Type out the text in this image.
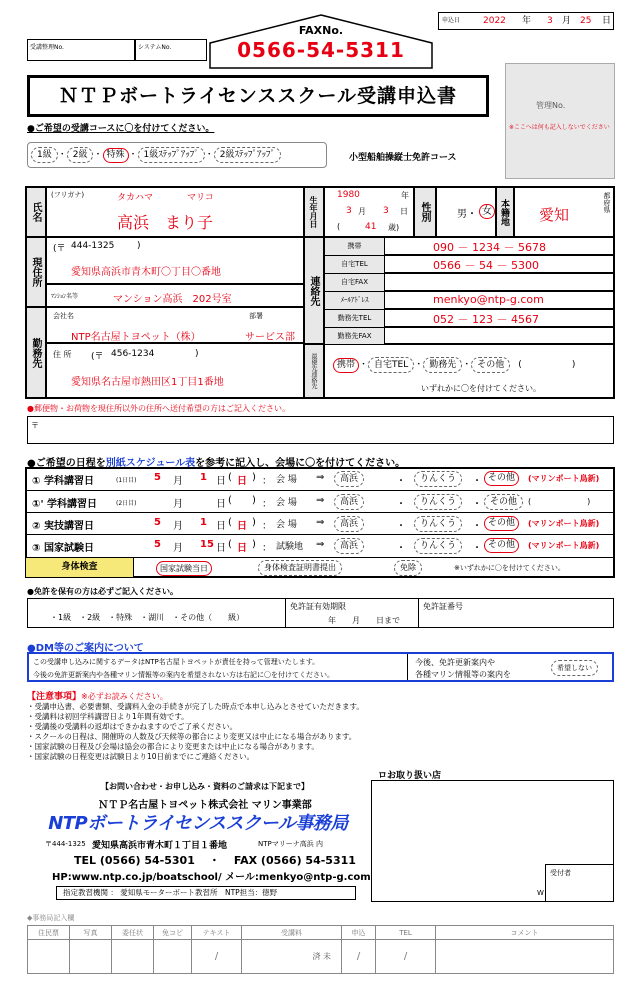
受講整理No.	システムNo.
FAXNo.
0566-54-5311
申込日	2022 年 3 月 25 日
ＮＴＰボートライセンススクール受講申込書	管理No.
※ここへは何も記入しないでください
●ご希望の受講コースに〇を付けてください。
1級 ・ 2級 ・ 特殊 ・ 1級ｽﾃｯﾌﾟｱｯﾌﾟ ・ 2級ｽﾃｯﾌﾟｱｯﾌﾟ	小型船舶操縦士免許コース
氏名
(フリガナ)	タカハマ	マリコ
高浜　まり子	生年月日
1980	年
3 月 3 日
(	41 歳)
性別	男・ 女 本籍地	愛知
都府県
現住所
(〒 444-1325	)
愛知県高浜市青木町〇丁目〇番地
ﾏﾝｼｮﾝ名等	マンション高浜　202号室
勤務先
会社名	部署
NTP名古屋トヨペット（株）	サービス部
住 所 (〒 456-1234	)
愛知県名古屋市熱田区1丁目1番地
連絡先
携帯	090 － 1234 － 5678
自宅TEL	0566 － 54 － 5300
自宅FAX
ﾒｰﾙｱﾄﾞﾚｽ	menkyo@ntp-g.com
勤務先TEL	052 － 123 － 4567
勤務先FAX
最優先連絡先	携帯 ・ 自宅TEL ・ 勤務先 ・ その他 (	)
いずれかに〇を付けてください。
●郵便物・お荷物を現住所以外の住所へ送付希望の方はご記入ください。
〒
●ご希望の日程を別紙スケジュール表を参考に記入し、会場に〇を付けてください。
① 学科講習日	(1日目) 5 月 1 日 ( 日 ) ： 会 場 ⇒	高浜	・	りんくう	・ その他	(マリンポート鳥新)
①' 学科講習日	(2日目)	月	日 ( ) ： 会 場 ⇒	高浜	・	りんくう	・ その他	(　　　　　　　)
② 実技講習日	5 月 1 日 ( 日 ) ： 会 場 ⇒	高浜	・	りんくう	・ その他	(マリンポート鳥新)
③ 国家試験日	5 月 15 日 ( 日 ) ： 試験地 ⇒	高浜	・	りんくう	・ その他	(マリンポート鳥新)
身体検査	国家試験当日	身体検査証明書提出	免除	※いずれかに〇を付けてください。
●免許を保有の方は必ずご記入ください。
・1級　・2級　・特殊　・湖川　・その他（　　級）
免許証有効期限
年　　月　　日まで
免許証番号
●DM等のご案内について
この受講申し込みに関するデータはNTP名古屋トヨペットが責任を持って管理いたします。
今後の免許更新案内や各種マリン情報等の案内を希望されない方は右記に〇を付けてください。
今後、免許更新案内や
各種マリン情報等の案内を
希望しない
【注意事項】※必ずお読みください。
・受講申込書、必要書類、受講料入金の手続きが完了した時点で本申し込みとさせていただきます。
・受講料は初回学科講習日より1年間有効です。
・受講後の受講料の返却はできかねますのでご了承ください。
・スクールの日程は、開催時の人数及び天候等の都合により変更又は中止になる場合があります。
・国家試験の日程及び会場は協会の都合により変更または中止になる場合があります。
・国家試験の日程変更は試験日より10日前までにご連絡ください。
【お問い合わせ・お申し込み・資料のご請求は下記まで】
ＮＴＰ名古屋トヨペット株式会社 マリン事業部
NTPボートライセンススクール事務局
〒444-1325 愛知県高浜市青木町１丁目１番地	NTPマリーナ高浜 内
TEL (0566) 54-5301 ・ FAX (0566) 54-5311
HP:www.ntp.co.jp/boatschool/ メール:menkyo@ntp-g.com
指定教習機関 ： 愛知県モーターボート教習所　NTP担当：徳野
ロお取り扱い店
受付者
W
◆事務局記入欄
住民票	写真	委任状	免コピ	テキスト	受講料	申込	TEL	コメント
				/	済 未	/	/	
